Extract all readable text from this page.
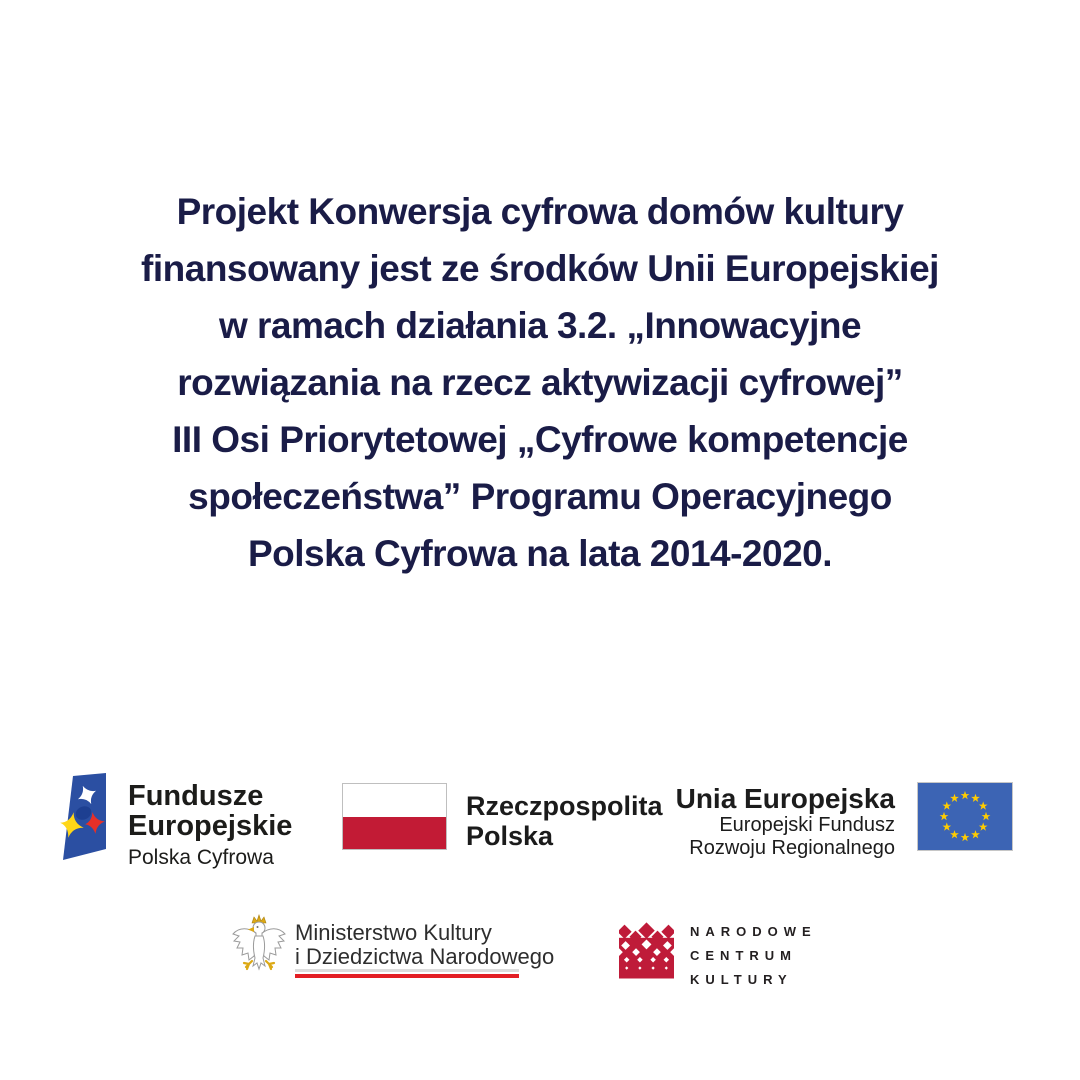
Projekt Konwersja cyfrowa domów kultury
finansowany jest ze środków Unii Europejskiej
w ramach działania 3.2. „Innowacyjne
rozwiązania na rzecz aktywizacji cyfrowej”
III Osi Priorytetowej „Cyfrowe kompetencje
społeczeństwa” Programu Operacyjnego
Polska Cyfrowa na lata 2014-2020.
Fundusze
Europejskie
Polska Cyfrowa
Rzeczpospolita
Polska
Unia Europejska
Europejski Fundusz
Rozwoju Regionalnego
Ministerstwo Kultury
i Dziedzictwa Narodowego
NARODOWE
CENTRUM
KULTURY
